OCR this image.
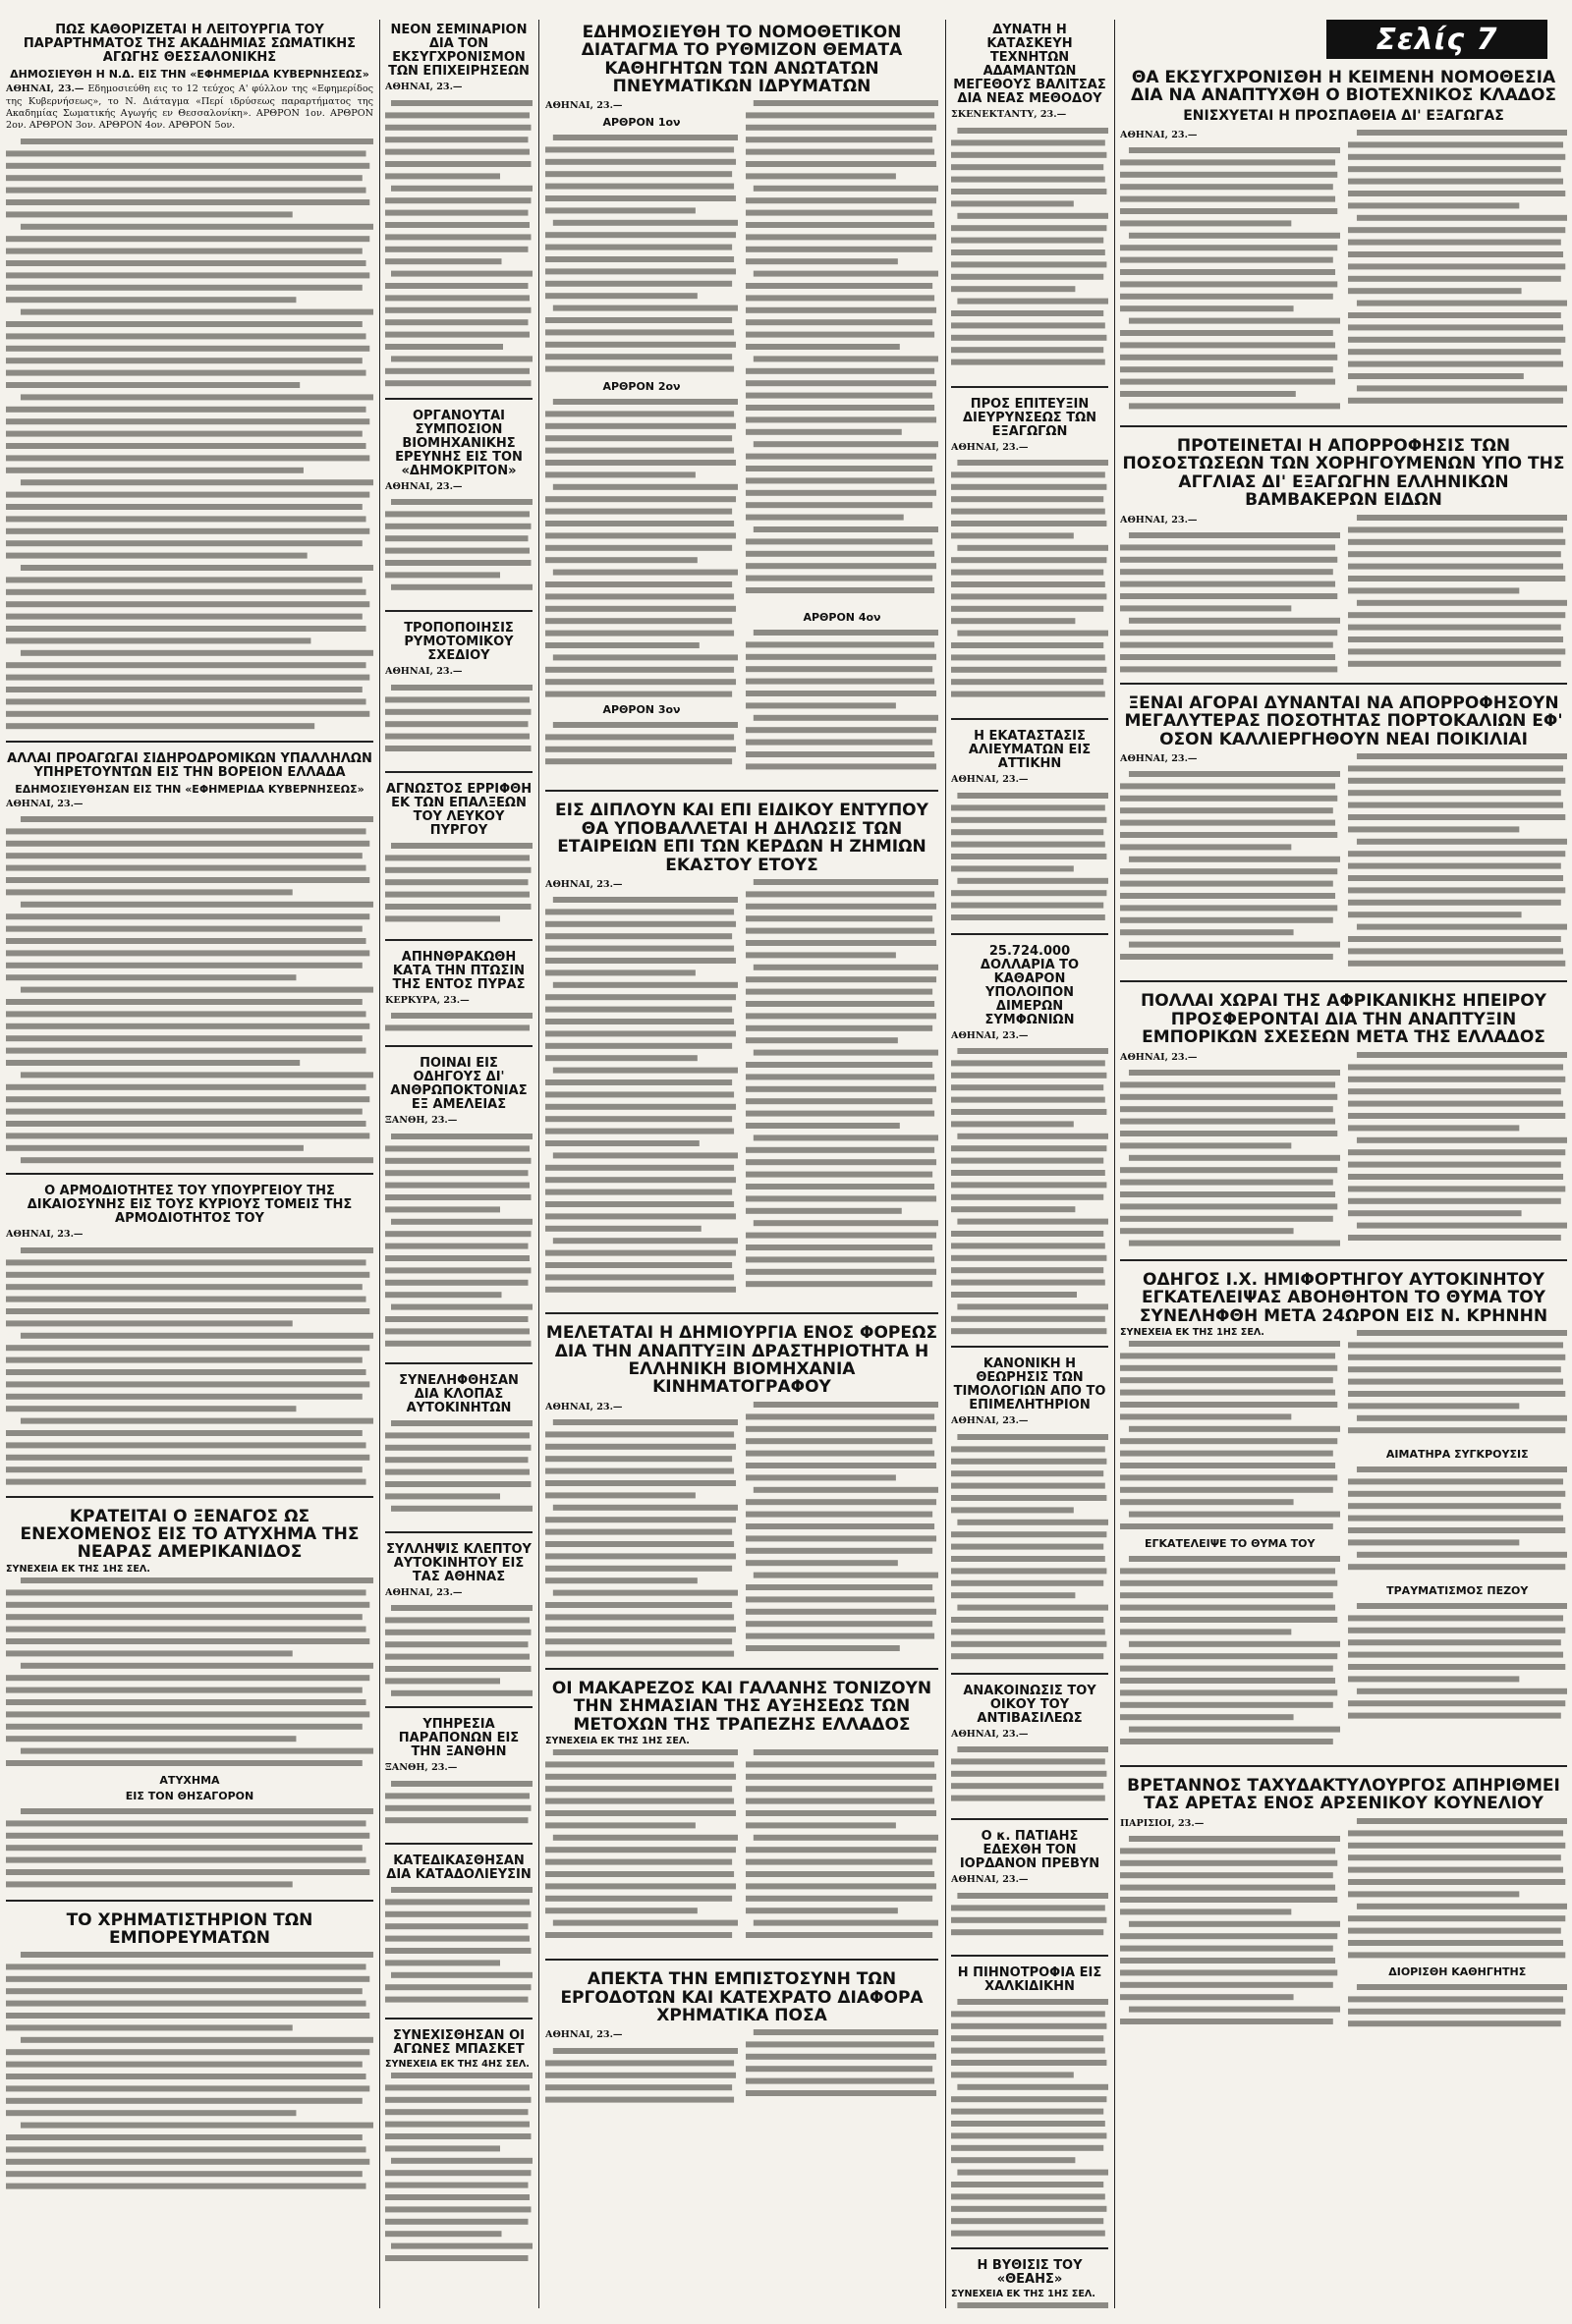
Σελίς 7
ΠΩΣ ΚΑΘΟΡΙΖΕΤΑΙ Η ΛΕΙΤΟΥΡΓΙΑ ΤΟΥ ΠΑΡΑΡΤΗΜΑΤΟΣ ΤΗΣ ΑΚΑΔΗΜΙΑΣ ΣΩΜΑΤΙΚΗΣ ΑΓΩΓΗΣ ΘΕΣΣΑΛΟΝΙΚΗΣ
ΔΗΜΟΣΙΕΥΘΗ Η Ν.Δ. ΕΙΣ ΤΗΝ «ΕΦΗΜΕΡΙΔΑ ΚΥΒΕΡΝΗΣΕΩΣ»
ΑΘΗΝΑΙ, 23.— Εδημοσιεύθη εις το 12 τεύχος Α' φύλλον της «Εφημερίδος της Κυβερνήσεως», το Ν. Διάταγμα «Περί ιδρύσεως παραρτήματος της Ακαδημίας Σωματικής Αγωγής εν Θεσσαλονίκη». ΑΡΘΡΟΝ 1ον. ΑΡΘΡΟΝ 2ον. ΑΡΘΡΟΝ 3ον. ΑΡΘΡΟΝ 4ον. ΑΡΘΡΟΝ 5ον.
ΑΛΛΑΙ ΠΡΟΑΓΩΓΑΙ ΣΙΔΗΡΟΔΡΟΜΙΚΩΝ ΥΠΑΛΛΗΛΩΝ ΥΠΗΡΕΤΟΥΝΤΩΝ ΕΙΣ ΤΗΝ ΒΟΡΕΙΟΝ ΕΛΛΑΔΑ
ΕΔΗΜΟΣΙΕΥΘΗΣΑΝ ΕΙΣ ΤΗΝ «ΕΦΗΜΕΡΙΔΑ ΚΥΒΕΡΝΗΣΕΩΣ»
ΑΘΗΝΑΙ, 23.—
Ο ΑΡΜΟΔΙΟΤΗΤΕΣ ΤΟΥ ΥΠΟΥΡΓΕΙΟΥ ΤΗΣ ΔΙΚΑΙΟΣΥΝΗΣ ΕΙΣ ΤΟΥΣ ΚΥΡΙΟΥΣ ΤΟΜΕΙΣ ΤΗΣ ΑΡΜΟΔΙΟΤΗΤΟΣ ΤΟΥ
ΑΘΗΝΑΙ, 23.—
ΚΡΑΤΕΙΤΑΙ Ο ΞΕΝΑΓΟΣ ΩΣ ΕΝΕΧΟΜΕΝΟΣ ΕΙΣ ΤΟ ΑΤΥΧΗΜΑ ΤΗΣ ΝΕΑΡΑΣ ΑΜΕΡΙΚΑΝΙΔΟΣ
ΣΥΝΕΧΕΙΑ ΕΚ ΤΗΣ 1ΗΣ ΣΕΛ.
ΑΤΥΧΗΜΑ
ΕΙΣ ΤΟΝ ΘΗΣΑΓΟΡΟΝ
ΤΟ ΧΡΗΜΑΤΙΣΤΗΡΙΟΝ ΤΩΝ ΕΜΠΟΡΕΥΜΑΤΩΝ
ΝΕΟΝ ΣΕΜΙΝΑΡΙΟΝ ΔΙΑ ΤΟΝ ΕΚΣΥΓΧΡΟΝΙΣΜΟΝ ΤΩΝ ΕΠΙΧΕΙΡΗΣΕΩΝ
ΑΘΗΝΑΙ, 23.—
ΟΡΓΑΝΟΥΤΑΙ ΣΥΜΠΟΣΙΟΝ ΒΙΟΜΗΧΑΝΙΚΗΣ ΕΡΕΥΝΗΣ ΕΙΣ ΤΟΝ «ΔΗΜΟΚΡΙΤΟΝ»
ΑΘΗΝΑΙ, 23.—
ΤΡΟΠΟΠΟΙΗΣΙΣ ΡΥΜΟΤΟΜΙΚΟΥ ΣΧΕΔΙΟΥ
ΑΘΗΝΑΙ, 23.—
ΑΓΝΩΣΤΟΣ ΕΡΡΙΦΘΗ ΕΚ ΤΩΝ ΕΠΑΛΞΕΩΝ ΤΟΥ ΛΕΥΚΟΥ ΠΥΡΓΟΥ
ΑΠΗΝΘΡΑΚΩΘΗ ΚΑΤΑ ΤΗΝ ΠΤΩΣΙΝ ΤΗΣ ΕΝΤΟΣ ΠΥΡΑΣ
ΚΕΡΚΥΡΑ, 23.—
ΠΟΙΝΑΙ ΕΙΣ ΟΔΗΓΟΥΣ ΔΙ' ΑΝΘΡΩΠΟΚΤΟΝΙΑΣ ΕΞ ΑΜΕΛΕΙΑΣ
ΞΑΝΘΗ, 23.—
ΣΥΝΕΛΗΦΘΗΣΑΝ ΔΙΑ ΚΛΟΠΑΣ ΑΥΤΟΚΙΝΗΤΩΝ
ΣΥΛΛΗΨΙΣ ΚΛΕΠΤΟΥ ΑΥΤΟΚΙΝΗΤΟΥ ΕΙΣ ΤΑΣ ΑΘΗΝΑΣ
ΑΘΗΝΑΙ, 23.—
ΥΠΗΡΕΣΙΑ ΠΑΡΑΠΟΝΩΝ ΕΙΣ ΤΗΝ ΞΑΝΘΗΝ
ΞΑΝΘΗ, 23.—
ΚΑΤΕΔΙΚΑΣΘΗΣΑΝ ΔΙΑ ΚΑΤΑΔΟΛΙΕΥΣΙΝ
ΣΥΝΕΧΙΣΘΗΣΑΝ ΟΙ ΑΓΩΝΕΣ ΜΠΑΣΚΕΤ
ΣΥΝΕΧΕΙΑ ΕΚ ΤΗΣ 4ΗΣ ΣΕΛ.
ΕΔΗΜΟΣΙΕΥΘΗ ΤΟ ΝΟΜΟΘΕΤΙΚΟΝ ΔΙΑΤΑΓΜΑ ΤΟ ΡΥΘΜΙΖΟΝ ΘΕΜΑΤΑ ΚΑΘΗΓΗΤΩΝ ΤΩΝ ΑΝΩΤΑΤΩΝ ΠΝΕΥΜΑΤΙΚΩΝ ΙΔΡΥΜΑΤΩΝ
ΑΘΗΝΑΙ, 23.—
ΑΡΘΡΟΝ 1ον
ΑΡΘΡΟΝ 2ον
ΑΡΘΡΟΝ 3ον
ΑΡΘΡΟΝ 4ον
ΕΙΣ ΔΙΠΛΟΥΝ ΚΑΙ ΕΠΙ ΕΙΔΙΚΟΥ ΕΝΤΥΠΟΥ ΘΑ ΥΠΟΒΑΛΛΕΤΑΙ Η ΔΗΛΩΣΙΣ ΤΩΝ ΕΤΑΙΡΕΙΩΝ ΕΠΙ ΤΩΝ ΚΕΡΔΩΝ Η ΖΗΜΙΩΝ ΕΚΑΣΤΟΥ ΕΤΟΥΣ
ΑΘΗΝΑΙ, 23.—
ΜΕΛΕΤΑΤΑΙ Η ΔΗΜΙΟΥΡΓΙΑ ΕΝΟΣ ΦΟΡΕΩΣ ΔΙΑ ΤΗΝ ΑΝΑΠΤΥΞΙΝ ΔΡΑΣΤΗΡΙΟΤΗΤΑ Η ΕΛΛΗΝΙΚΗ ΒΙΟΜΗΧΑΝΙΑ ΚΙΝΗΜΑΤΟΓΡΑΦΟΥ
ΑΘΗΝΑΙ, 23.—
ΟΙ ΜΑΚΑΡΕΖΟΣ ΚΑΙ ΓΑΛΑΝΗΣ ΤΟΝΙΖΟΥΝ ΤΗΝ ΣΗΜΑΣΙΑΝ ΤΗΣ ΑΥΞΗΣΕΩΣ ΤΩΝ ΜΕΤΟΧΩΝ ΤΗΣ ΤΡΑΠΕΖΗΣ ΕΛΛΑΔΟΣ
ΣΥΝΕΧΕΙΑ ΕΚ ΤΗΣ 1ΗΣ ΣΕΛ.
ΑΠΕΚΤΑ ΤΗΝ ΕΜΠΙΣΤΟΣΥΝΗ ΤΩΝ ΕΡΓΟΔΟΤΩΝ ΚΑΙ ΚΑΤΕΧΡΑΤΟ ΔΙΑΦΟΡΑ ΧΡΗΜΑΤΙΚΑ ΠΟΣΑ
ΑΘΗΝΑΙ, 23.—
ΔΥΝΑΤΗ Η ΚΑΤΑΣΚΕΥΗ ΤΕΧΝΗΤΩΝ ΑΔΑΜΑΝΤΩΝ ΜΕΓΕΘΟΥΣ ΒΑΛΙΤΣΑΣ ΔΙΑ ΝΕΑΣ ΜΕΘΟΔΟΥ
ΣΚΕΝΕΚΤΑΝΤΥ, 23.—
ΠΡΟΣ ΕΠΙΤΕΥΞΙΝ ΔΙΕΥΡΥΝΣΕΩΣ ΤΩΝ ΕΞΑΓΩΓΩΝ
ΑΘΗΝΑΙ, 23.—
Η ΕΚΑΤΑΣΤΑΣΙΣ ΑΛΙΕΥΜΑΤΩΝ ΕΙΣ ΑΤΤΙΚΗΝ
ΑΘΗΝΑΙ, 23.—
25.724.000 ΔΟΛΛΑΡΙΑ ΤΟ ΚΑΘΑΡΟΝ ΥΠΟΛΟΙΠΟΝ ΔΙΜΕΡΩΝ ΣΥΜΦΩΝΙΩΝ
ΑΘΗΝΑΙ, 23.—
ΚΑΝΟΝΙΚΗ Η ΘΕΩΡΗΣΙΣ ΤΩΝ ΤΙΜΟΛΟΓΙΩΝ ΑΠΟ ΤΟ ΕΠΙΜΕΛΗΤΗΡΙΟΝ
ΑΘΗΝΑΙ, 23.—
ΑΝΑΚΟΙΝΩΣΙΣ ΤΟΥ ΟΙΚΟΥ ΤΟΥ ΑΝΤΙΒΑΣΙΛΕΩΣ
ΑΘΗΝΑΙ, 23.—
Ο κ. ΠΑΤΙΑΗΣ ΕΔΕΧΘΗ ΤΟΝ ΙΟΡΔΑΝΟΝ ΠΡΕΒΥΝ
ΑΘΗΝΑΙ, 23.—
Η ΠΙΗΝΟΤΡΟΦΙΑ ΕΙΣ ΧΑΛΚΙΔΙΚΗΝ
Η ΒΥΘΙΣΙΣ ΤΟΥ «ΘΕΑΗΣ»
ΣΥΝΕΧΕΙΑ ΕΚ ΤΗΣ 1ΗΣ ΣΕΛ.
ΘΑ ΕΚΣΥΓΧΡΟΝΙΣΘΗ Η ΚΕΙΜΕΝΗ ΝΟΜΟΘΕΣΙΑ ΔΙΑ ΝΑ ΑΝΑΠΤΥΧΘΗ Ο ΒΙΟΤΕΧΝΙΚΟΣ ΚΛΑΔΟΣ
ΕΝΙΣΧΥΕΤΑΙ Η ΠΡΟΣΠΑΘΕΙΑ ΔΙ' ΕΞΑΓΩΓΑΣ
ΑΘΗΝΑΙ, 23.—
ΠΡΟΤΕΙΝΕΤΑΙ Η ΑΠΟΡΡΟΦΗΣΙΣ ΤΩΝ ΠΟΣΟΣΤΩΣΕΩΝ ΤΩΝ ΧΟΡΗΓΟΥΜΕΝΩΝ ΥΠΟ ΤΗΣ ΑΓΓΛΙΑΣ ΔΙ' ΕΞΑΓΩΓΗΝ ΕΛΛΗΝΙΚΩΝ ΒΑΜΒΑΚΕΡΩΝ ΕΙΔΩΝ
ΑΘΗΝΑΙ, 23.—
ΞΕΝΑΙ ΑΓΟΡΑΙ ΔΥΝΑΝΤΑΙ ΝΑ ΑΠΟΡΡΟΦΗΣΟΥΝ ΜΕΓΑΛΥΤΕΡΑΣ ΠΟΣΟΤΗΤΑΣ ΠΟΡΤΟΚΑΛΙΩΝ ΕΦ' ΟΣΟΝ ΚΑΛΛΙΕΡΓΗΘΟΥΝ ΝΕΑΙ ΠΟΙΚΙΛΙΑΙ
ΑΘΗΝΑΙ, 23.—
ΠΟΛΛΑΙ ΧΩΡΑΙ ΤΗΣ ΑΦΡΙΚΑΝΙΚΗΣ ΗΠΕΙΡΟΥ ΠΡΟΣΦΕΡΟΝΤΑΙ ΔΙΑ ΤΗΝ ΑΝΑΠΤΥΞΙΝ ΕΜΠΟΡΙΚΩΝ ΣΧΕΣΕΩΝ ΜΕΤΑ ΤΗΣ ΕΛΛΑΔΟΣ
ΑΘΗΝΑΙ, 23.—
ΟΔΗΓΟΣ Ι.Χ. ΗΜΙΦΟΡΤΗΓΟΥ ΑΥΤΟΚΙΝΗΤΟΥ ΕΓΚΑΤΕΛΕΙΨΑΣ ΑΒΟΗΘΗΤΟΝ ΤΟ ΘΥΜΑ ΤΟΥ ΣΥΝΕΛΗΦΘΗ ΜΕΤΑ 24ΩΡΟΝ ΕΙΣ Ν. ΚΡΗΝΗΝ
ΣΥΝΕΧΕΙΑ ΕΚ ΤΗΣ 1ΗΣ ΣΕΛ.
ΕΓΚΑΤΕΛΕΙΨΕ ΤΟ ΘΥΜΑ ΤΟΥ
ΑΙΜΑΤΗΡΑ ΣΥΓΚΡΟΥΣΙΣ
ΤΡΑΥΜΑΤΙΣΜΟΣ ΠΕΖΟΥ
ΒΡΕΤΑΝΝΟΣ ΤΑΧΥΔΑΚΤΥΛΟΥΡΓΟΣ ΑΠΗΡΙΘΜΕΙ ΤΑΣ ΑΡΕΤΑΣ ΕΝΟΣ ΑΡΣΕΝΙΚΟΥ ΚΟΥΝΕΛΙΟΥ
ΠΑΡΙΣΙΟΙ, 23.—
ΔΙΟΡΙΣΘΗ ΚΑΘΗΓΗΤΗΣ
